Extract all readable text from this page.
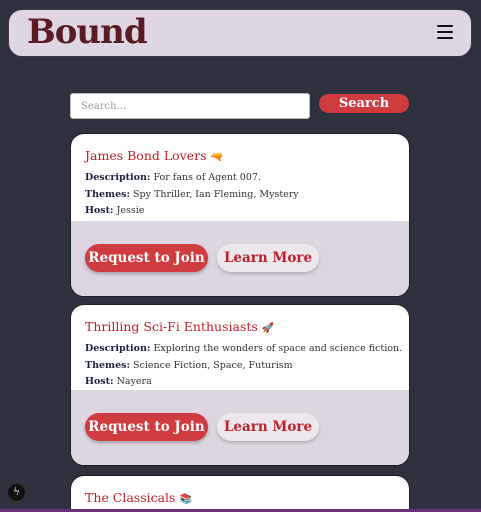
Bound
Search...
Search
James Bond Lovers 🔫
Description: For fans of Agent 007.
Themes: Spy Thriller, Ian Fleming, Mystery
Host: Jessie
Request to Join	Learn More
Thrilling Sci-Fi Enthusiasts 🚀
Description: Exploring the wonders of space and science fiction.
Themes: Science Fiction, Space, Futurism
Host: Nayera
Request to Join	Learn More
The Classicals 📚
ϟ
